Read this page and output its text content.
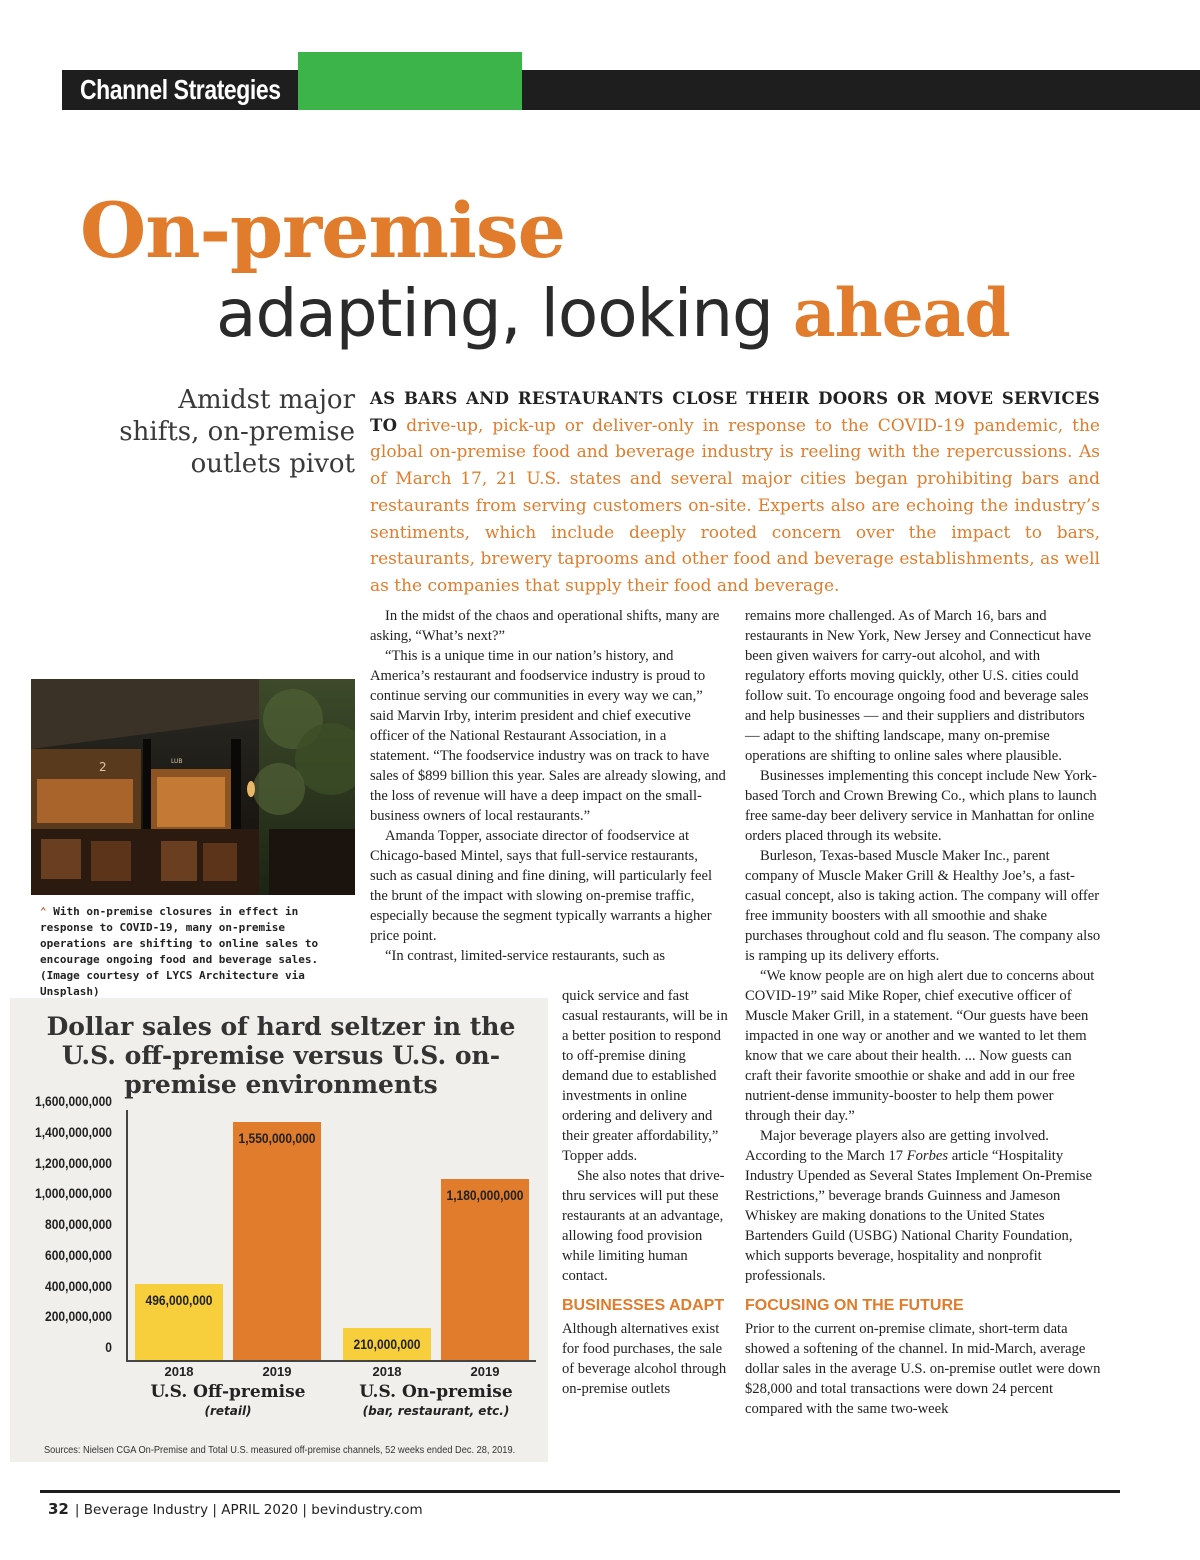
Channel Strategies
On-premise
adapting, looking ahead
Amidst major shifts, on-premise outlets pivot
AS BARS AND RESTAURANTS CLOSE THEIR DOORS OR MOVE SERVICES TO drive-up, pick-up or deliver-only in response to the COVID-19 pandemic, the global on-premise food and beverage industry is reeling with the repercussions. As of March 17, 21 U.S. states and several major cities began prohibiting bars and restaurants from serving customers on-site. Experts also are echoing the industry’s sentiments, which include deeply rooted concern over the impact to bars, restaurants, brewery taprooms and other food and beverage establishments, as well as the companies that supply their food and beverage.

In the midst of the chaos and operational shifts, many are asking, “What’s next?”

“This is a unique time in our nation’s history, and America’s restaurant and foodservice industry is proud to continue serving our communities in every way we can,” said Marvin Irby, interim president and chief executive officer of the National Restaurant Association, in a statement. “The foodservice industry was on track to have sales of $899 billion this year. Sales are already slowing, and the loss of revenue will have a deep impact on the small-business owners of local restaurants.”

Amanda Topper, associate director of foodservice at Chicago-based Mintel, says that full-service restaurants, such as casual dining and fine dining, will particularly feel the brunt of the impact with slowing on-premise traffic, especially because the segment typically warrants a higher price point.

“In contrast, limited-service restaurants, such as

quick service and fast casual restaurants, will be in a better position to respond to off-premise dining demand due to established investments in online ordering and delivery and their greater affordability,” Topper adds.

She also notes that drive-thru services will put these restaurants at an advantage, allowing food provision while limiting human contact.

BUSINESSES ADAPT

Although alternatives exist for food purchases, the sale of beverage alcohol through on-premise outlets

remains more challenged. As of March 16, bars and restaurants in New York, New Jersey and Connecticut have been given waivers for carry-out alcohol, and with regulatory efforts moving quickly, other U.S. cities could follow suit. To encourage ongoing food and beverage sales and help businesses — and their suppliers and distributors — adapt to the shifting landscape, many on-premise operations are shifting to online sales where plausible.

Businesses implementing this concept include New York-based Torch and Crown Brewing Co., which plans to launch free same-day beer delivery service in Manhattan for online orders placed through its website.

Burleson, Texas-based Muscle Maker Inc., parent company of Muscle Maker Grill & Healthy Joe’s, a fast-casual concept, also is taking action. The company will offer free immunity boosters with all smoothie and shake purchases throughout cold and flu season. The company also is ramping up its delivery efforts.

“We know people are on high alert due to concerns about COVID-19” said Mike Roper, chief executive officer of Muscle Maker Grill, in a statement. “Our guests have been impacted in one way or another and we wanted to let them know that we care about their health. ... Now guests can craft their favorite smoothie or shake and add in our free nutrient-dense immunity-booster to help them power through their day.”

Major beverage players also are getting involved. According to the March 17 Forbes article “Hospitality Industry Upended as Several States Implement On-Premise Restrictions,” beverage brands Guinness and Jameson Whiskey are making donations to the United States Bartenders Guild (USBG) National Charity Foundation, which supports beverage, hospitality and nonprofit professionals.

FOCUSING ON THE FUTURE

Prior to the current on-premise climate, short-term data showed a softening of the channel. In mid-March, average dollar sales in the average U.S. on-premise outlet were down $28,000 and total transactions were down 24 percent compared with the same two-week

2	LUB
⌃ With on-premise closures in effect in response to COVID-19, many on-premise operations are shifting to online sales to encourage ongoing food and beverage sales. (Image courtesy of LYCS Architecture via Unsplash)
Dollar sales of hard seltzer in the U.S. off-premise versus U.S. on-premise environments
0
200,000,000
400,000,000
600,000,000
800,000,000
1,000,000,000
1,200,000,000
1,400,000,000
1,600,000,000
496,000,000
2018
1,550,000,000
2019
210,000,000
2018
1,180,000,000
2019
U.S. Off-premise
(retail)
U.S. On-premise
(bar, restaurant, etc.)
Sources: Nielsen CGA On-Premise and Total U.S. measured off-premise channels, 52 weeks ended Dec. 28, 2019.
32 | Beverage Industry | APRIL 2020 | bevindustry.com
